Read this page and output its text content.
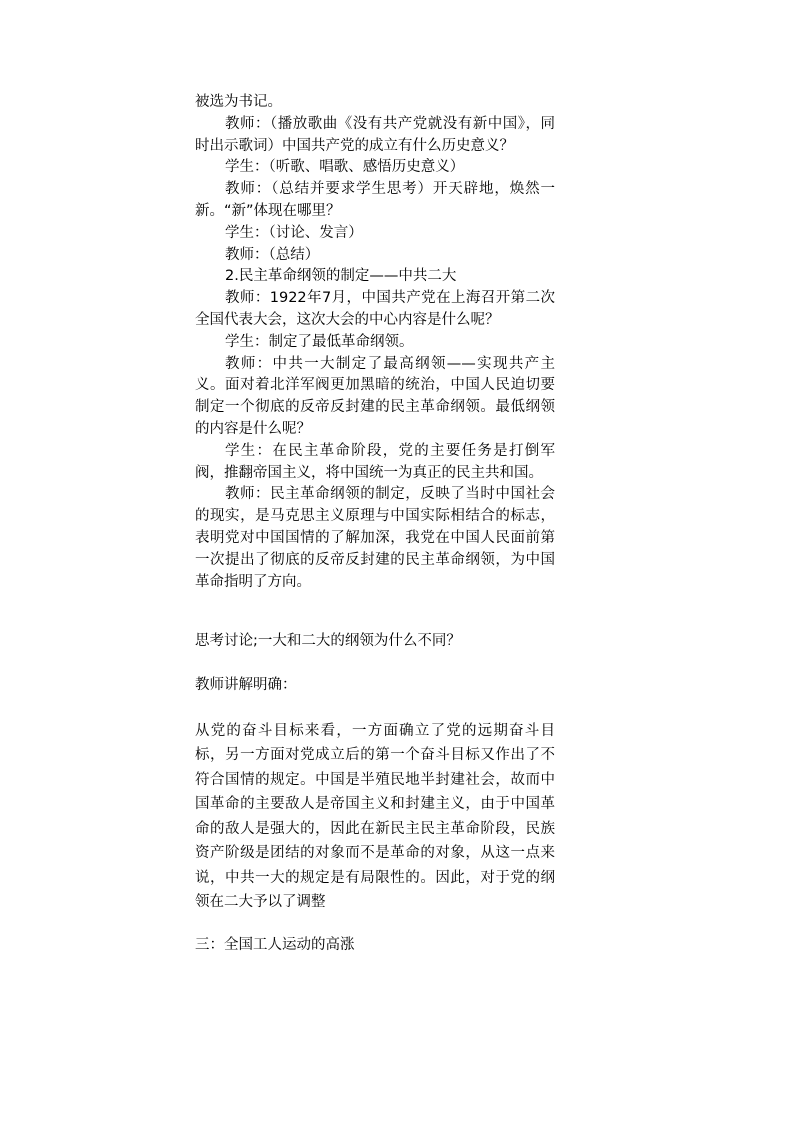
被选为书记。

教师：（播放歌曲《没有共产党就没有新中国》，同时出示歌词）中国共产党的成立有什么历史意义？

学生：（听歌、唱歌、感悟历史意义）

教师：（总结并要求学生思考）开天辟地，焕然一新。“新”体现在哪里？

学生：（讨论、发言）

教师：（总结）

2.民主革命纲领的制定——中共二大

教师：1922年7月，中国共产党在上海召开第二次全国代表大会，这次大会的中心内容是什么呢？

学生：制定了最低革命纲领。

教师：中共一大制定了最高纲领——实现共产主义。面对着北洋军阀更加黑暗的统治，中国人民迫切要制定一个彻底的反帝反封建的民主革命纲领。最低纲领的内容是什么呢？

学生：在民主革命阶段，党的主要任务是打倒军阀，推翻帝国主义，将中国统一为真正的民主共和国。

教师：民主革命纲领的制定，反映了当时中国社会的现实，是马克思主义原理与中国实际相结合的标志，表明党对中国国情的了解加深，我党在中国人民面前第一次提出了彻底的反帝反封建的民主革命纲领，为中国革命指明了方向。

思考讨论;一大和二大的纲领为什么不同？

教师讲解明确：

从党的奋斗目标来看，一方面确立了党的远期奋斗目标，另一方面对党成立后的第一个奋斗目标又作出了不符合国情的规定。中国是半殖民地半封建社会，故而中国革命的主要敌人是帝国主义和封建主义，由于中国革命的敌人是强大的，因此在新民主民主革命阶段，民族资产阶级是团结的对象而不是革命的对象，从这一点来说，中共一大的规定是有局限性的。因此，对于党的纲领在二大予以了调整

三：全国工人运动的高涨
